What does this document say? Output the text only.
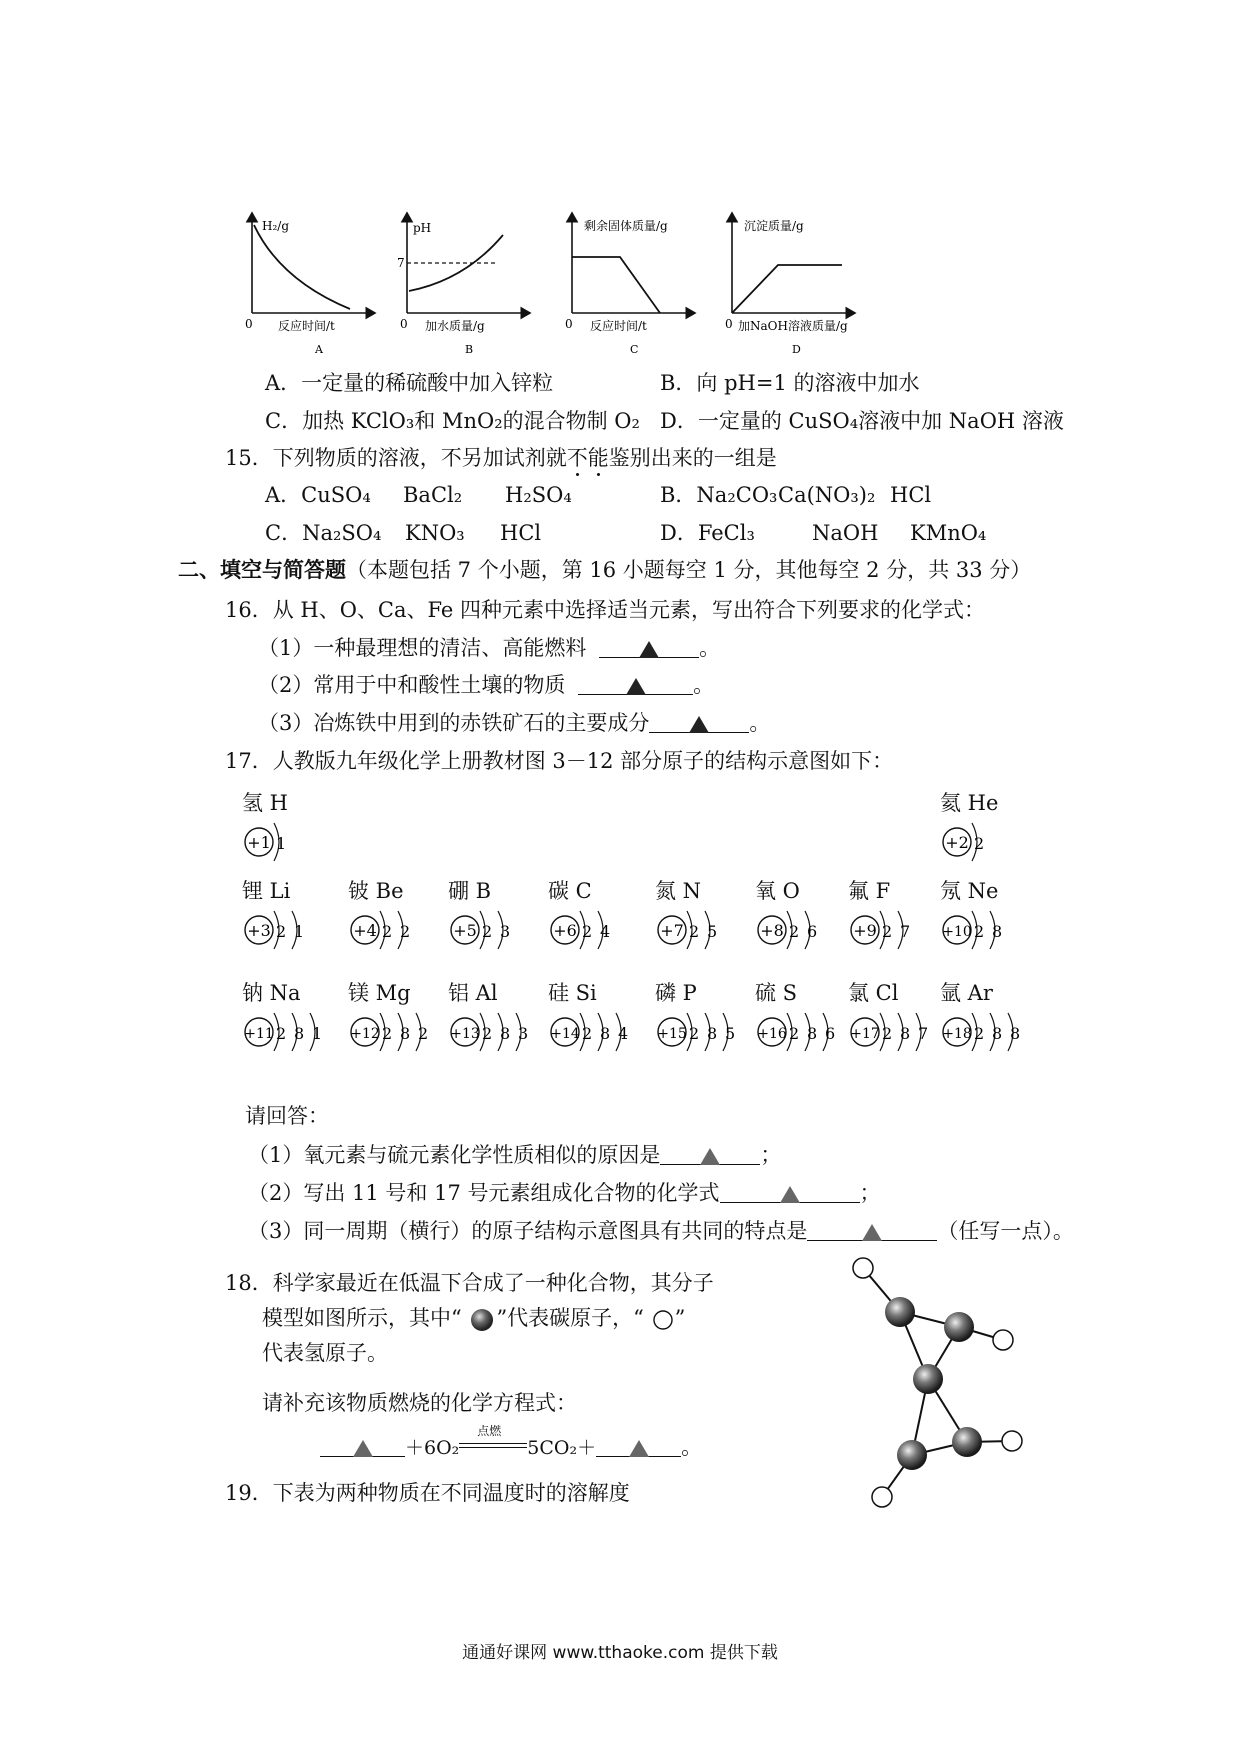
H₂/g
0 反应时间/t
A
pH
7
0 加水质量/g
B
剩余固体质量/g
0 反应时间/t
C
沉淀质量/g
0 加NaOH溶液质量/g
D
A．一定量的稀硫酸中加入锌粒	B．向 pH=1 的溶液中加水
C．加热 KClO₃和 MnO₂的混合物制 O₂ D．一定量的 CuSO₄溶液中加 NaOH 溶液
15．下列物质的溶液，不另加试剂就不能鉴别出来的一组是
A．CuSO₄ BaCl₂ H₂SO₄	B．Na₂CO₃ Ca(NO₃)₂ HCl
C．Na₂SO₄ KNO₃ HCl	D．FeCl₃	NaOH KMnO₄
二、填空与简答题（本题包括 7 个小题，第 16 小题每空 1 分，其他每空 2 分，共 33 分）
16．从 H、O、Ca、Fe 四种元素中选择适当元素，写出符合下列要求的化学式：
（1）一种最理想的清洁、高能燃料	。
（2）常用于中和酸性土壤的物质	。
（3）冶炼铁中用到的赤铁矿石的主要成分	。
17．人教版九年级化学上册教材图 3－12 部分原子的结构示意图如下：
氢 H
+1 1
氦 He
+2 2
锂 Li
+3 2 1
铍 Be
+4 2 2
硼 B
+5 2 3
碳 C
+6 2 4
氮 N
+7 2 5
氧 O
+8 2 6
氟 F
+9 2 7
氖 Ne
+10 2 8
钠 Na
+11 2 8 1
镁 Mg
+12 2 8 2
铝 Al
+13 2 8 3
硅 Si
+14 2 8 4
磷 P
+15 2 8 5
硫 S
+16 2 8 6
氯 Cl
+17 2 8 7
氩 Ar
+18 2 8 8
请回答：
（1）氧元素与硫元素化学性质相似的原因是	；
（2）写出 11 号和 17 号元素组成化合物的化学式	；
（3）同一周期（横行）的原子结构示意图具有共同的特点是	（任写一点）。
18．科学家最近在低温下合成了一种化合物，其分子
模型如图所示，其中“ ”代表碳原子，“ ”
代表氢原子。
请补充该物质燃烧的化学方程式：
＋6O₂
点燃
5CO₂＋	。
19．下表为两种物质在不同温度时的溶解度
通通好课网 www.tthaoke.com 提供下载
